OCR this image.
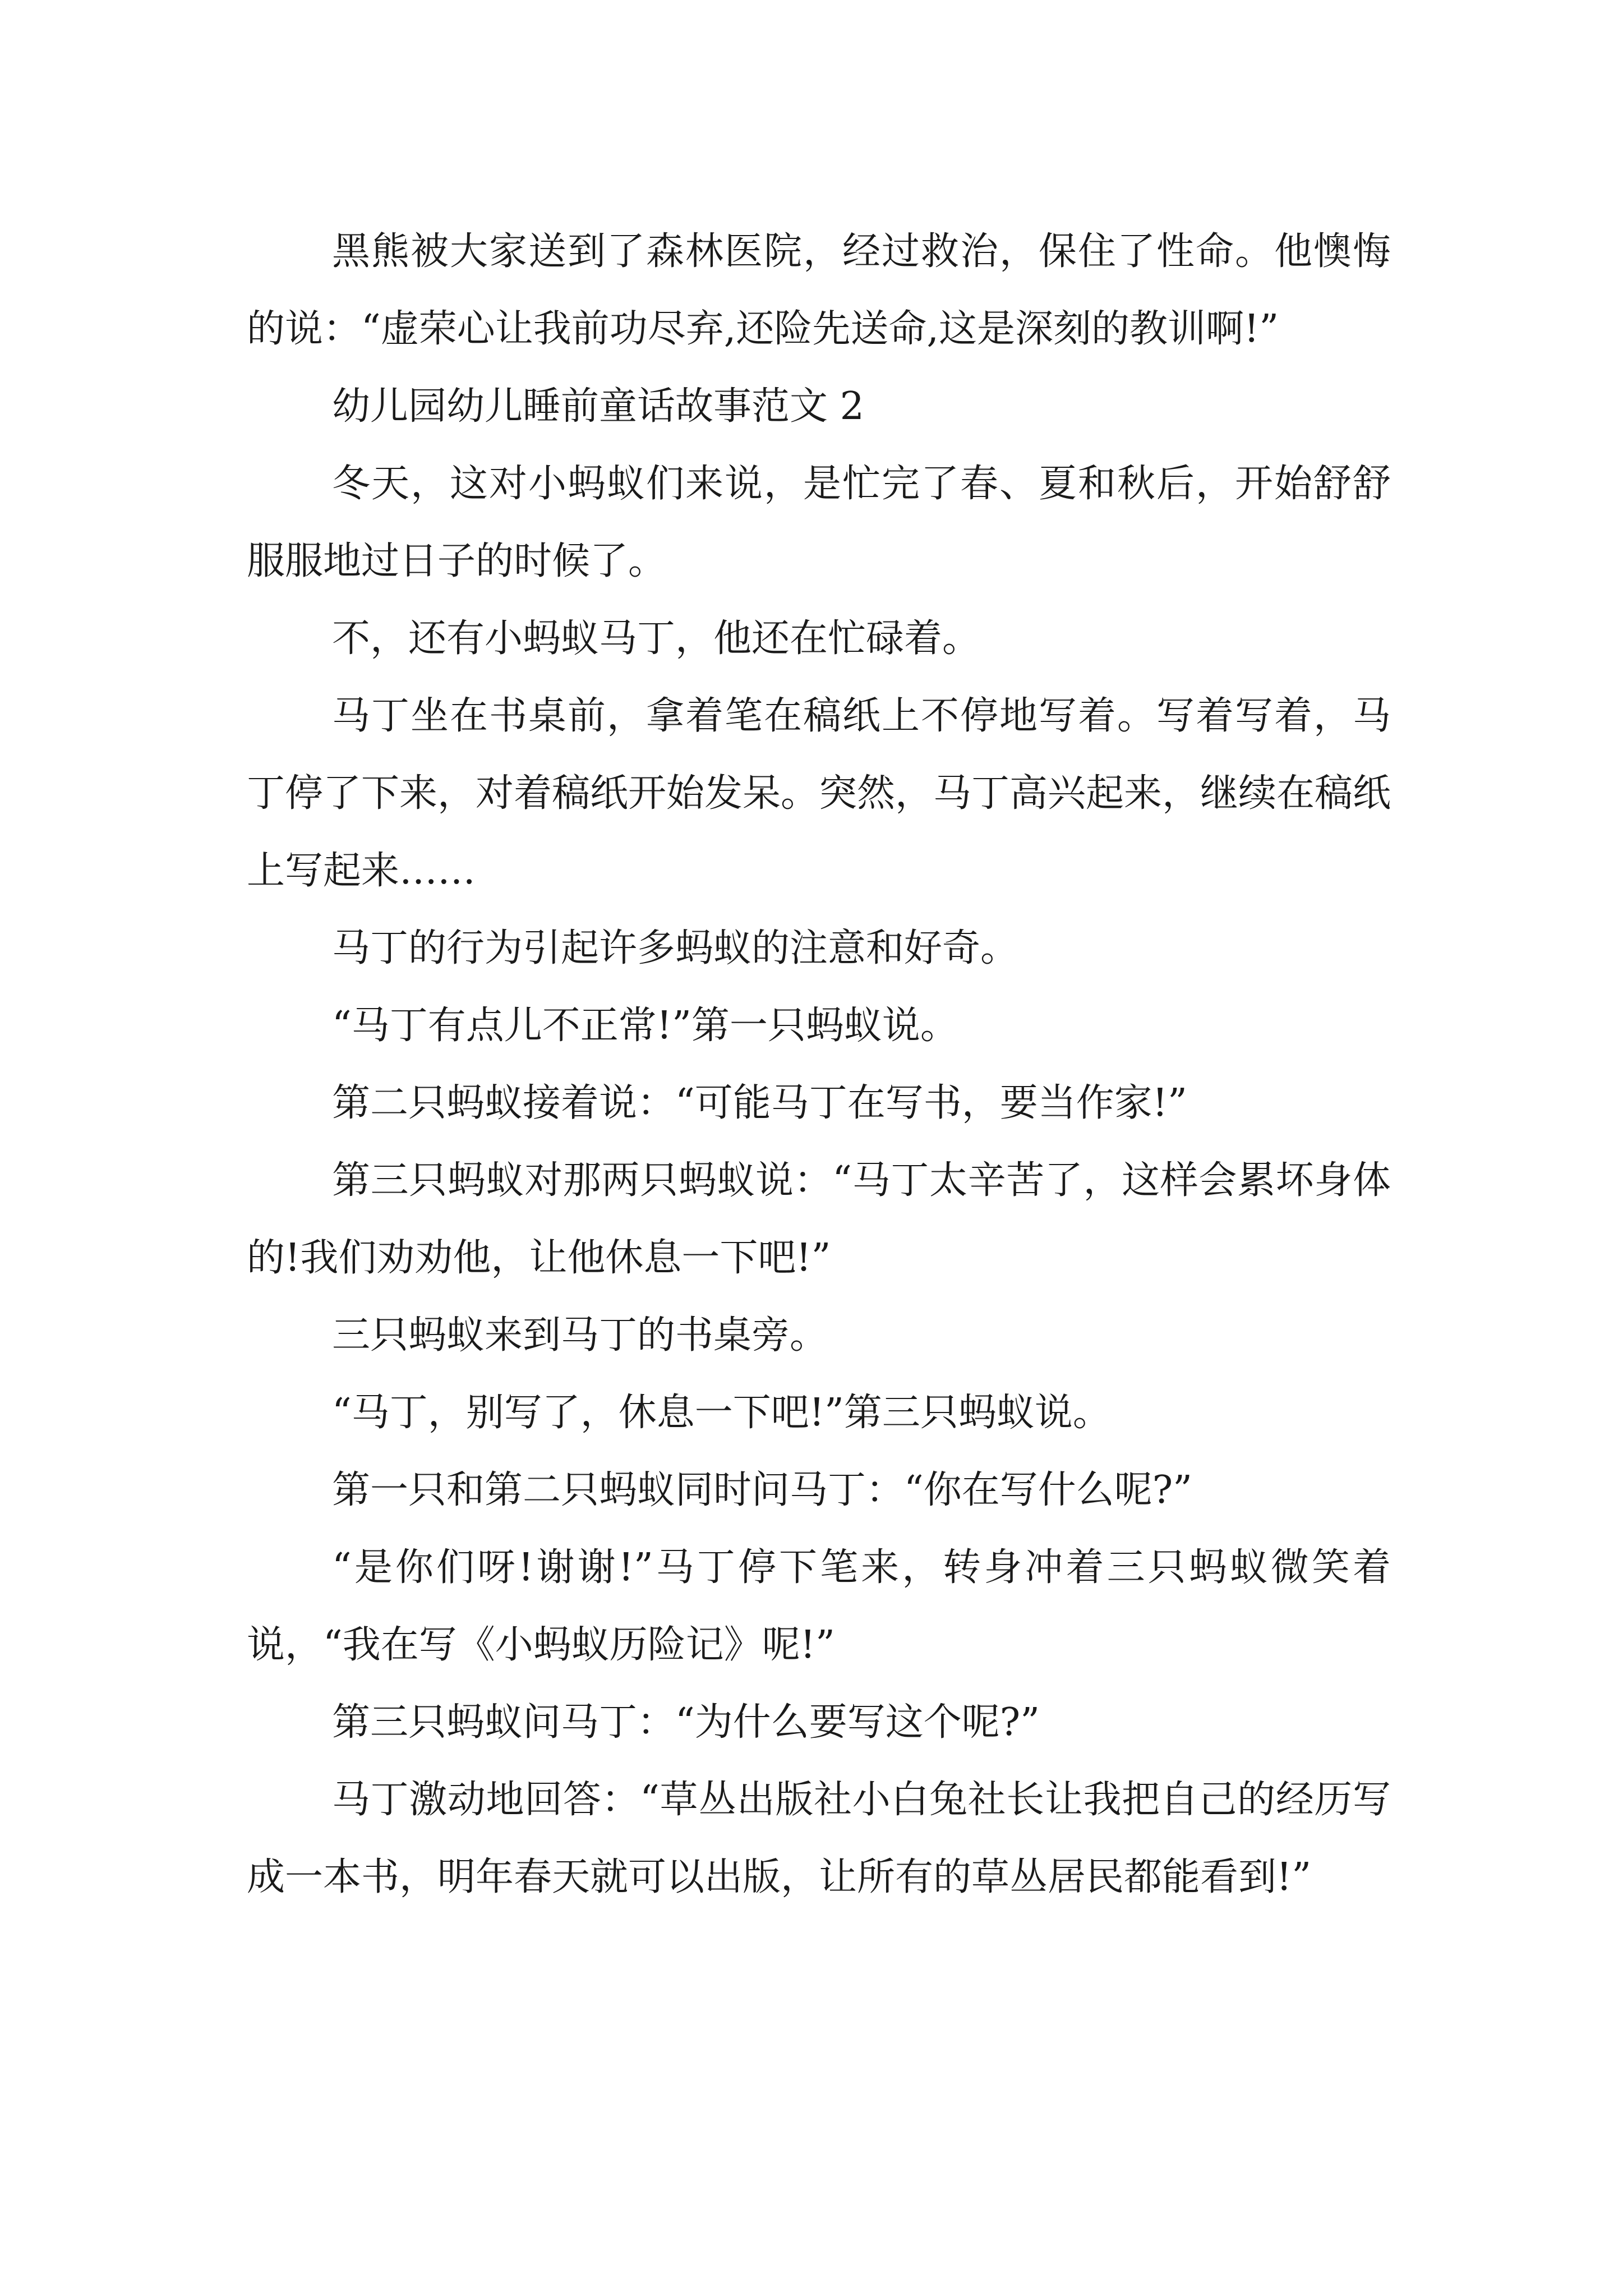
黑熊被大家送到了森林医院，经过救治，保住了性命。他懊悔的说：“虚荣心让我前功尽弃,还险先送命,这是深刻的教训啊!”

幼儿园幼儿睡前童话故事范文 2

冬天，这对小蚂蚁们来说，是忙完了春、夏和秋后，开始舒舒服服地过日子的时候了。

不，还有小蚂蚁马丁，他还在忙碌着。

马丁坐在书桌前，拿着笔在稿纸上不停地写着。写着写着，马丁停了下来，对着稿纸开始发呆。突然，马丁高兴起来，继续在稿纸上写起来……

马丁的行为引起许多蚂蚁的注意和好奇。

“马丁有点儿不正常!”第一只蚂蚁说。

第二只蚂蚁接着说：“可能马丁在写书，要当作家!”

第三只蚂蚁对那两只蚂蚁说：“马丁太辛苦了，这样会累坏身体的!我们劝劝他，让他休息一下吧!”

三只蚂蚁来到马丁的书桌旁。

“马丁，别写了，休息一下吧!”第三只蚂蚁说。

第一只和第二只蚂蚁同时问马丁：“你在写什么呢?”

“是你们呀!谢谢!”马丁停下笔来，转身冲着三只蚂蚁微笑着说，“我在写《小蚂蚁历险记》呢!”

第三只蚂蚁问马丁：“为什么要写这个呢?”

马丁激动地回答：“草丛出版社小白兔社长让我把自己的经历写成一本书，明年春天就可以出版，让所有的草丛居民都能看到!”
